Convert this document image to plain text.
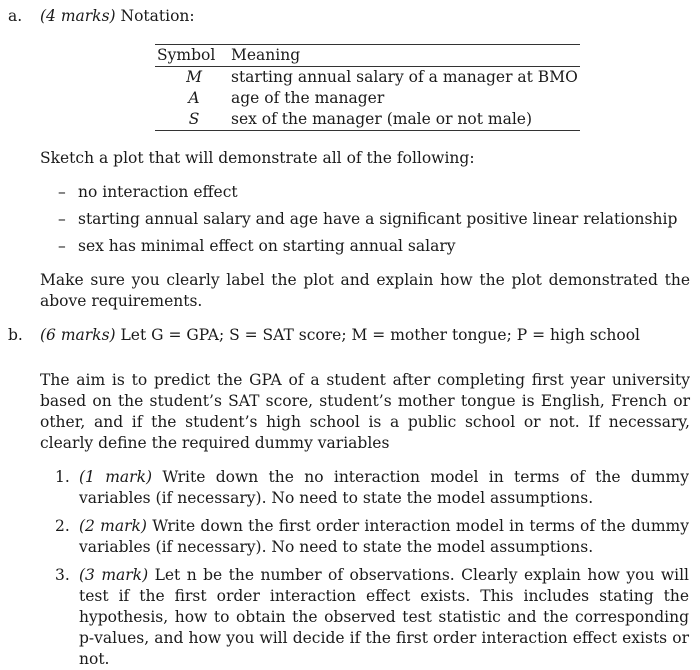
a. (4 marks) Notation:
Symbol	Meaning
M	starting annual salary of a manager at BMO
A	age of the manager
S	sex of the manager (male or not male)
Sketch a plot that will demonstrate all of the following:
– no interaction effect
– starting annual salary and age have a significant positive linear relationship
– sex has minimal effect on starting annual salary
Make sure you clearly label the plot and explain how the plot demonstrated the above requirements.
b. (6 marks) Let G = GPA; S = SAT score; M = mother tongue; P = high school
The aim is to predict the GPA of a student after completing first year university based on the student’s SAT score, student’s mother tongue is English, French or other, and if the student’s high school is a public school or not. If necessary, clearly define the required dummy variables
1. (1 mark) Write down the no interaction model in terms of the dummy variables (if necessary). No need to state the model assumptions.
2. (2 mark) Write down the first order interaction model in terms of the dummy variables (if necessary). No need to state the model assumptions.
3. (3 mark) Let n be the number of observations. Clearly explain how you will test if the first order interaction effect exists. This includes stating the hypothesis, how to obtain the observed test statistic and the corresponding p-values, and how you will decide if the first order interaction effect exists or not.
